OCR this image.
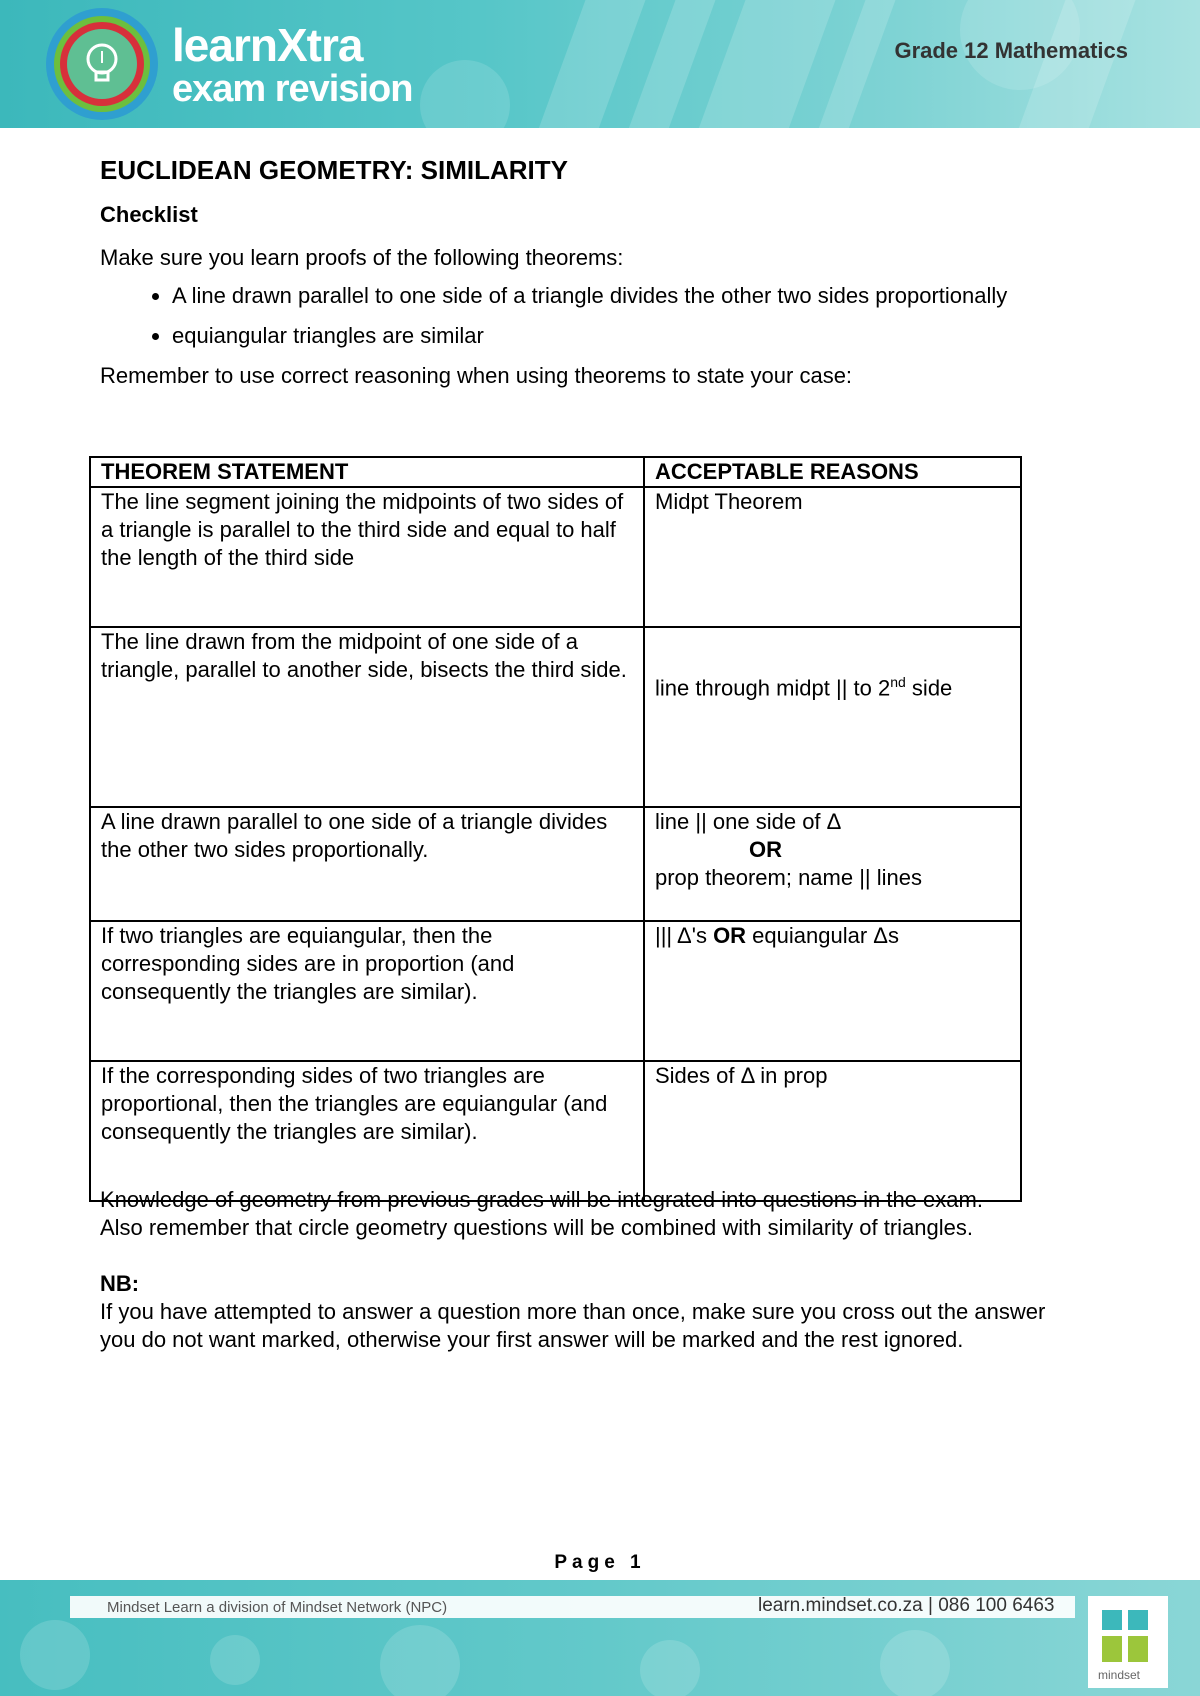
learnXtra
exam revision
Grade 12 Mathematics
EUCLIDEAN GEOMETRY: SIMILARITY
Checklist

Make sure you learn proofs of the following theorems:

• A line drawn parallel to one side of a triangle divides the other two sides proportionally
• equiangular triangles are similar

Remember to use correct reasoning when using theorems to state your case:

THEOREM STATEMENT	ACCEPTABLE REASONS
The line segment joining the midpoints of two sides of a triangle is parallel to the third side and equal to half the length of the third side	Midpt Theorem
The line drawn from the midpoint of one side of a triangle, parallel to another side, bisects the third side.	line through midpt || to 2nd side
A line drawn parallel to one side of a triangle divides the other two sides proportionally.	line || one side of Δ
OR
prop theorem; name || lines

If two triangles are equiangular, then the corresponding sides are in proportion (and consequently the triangles are similar).	||| Δ's OR equiangular Δs
If the corresponding sides of two triangles are proportional, then the triangles are equiangular (and consequently the triangles are similar).	Sides of Δ in prop
Knowledge of geometry from previous grades will be integrated into questions in the exam.
Also remember that circle geometry questions will be combined with similarity of triangles.
NB:
If you have attempted to answer a question more than once, make sure you cross out the answer you do not want marked, otherwise your first answer will be marked and the rest ignored.
Page 1
Mindset Learn a division of Mindset Network (NPC)	learn.mindset.co.za | 086 100 6463
mindset
